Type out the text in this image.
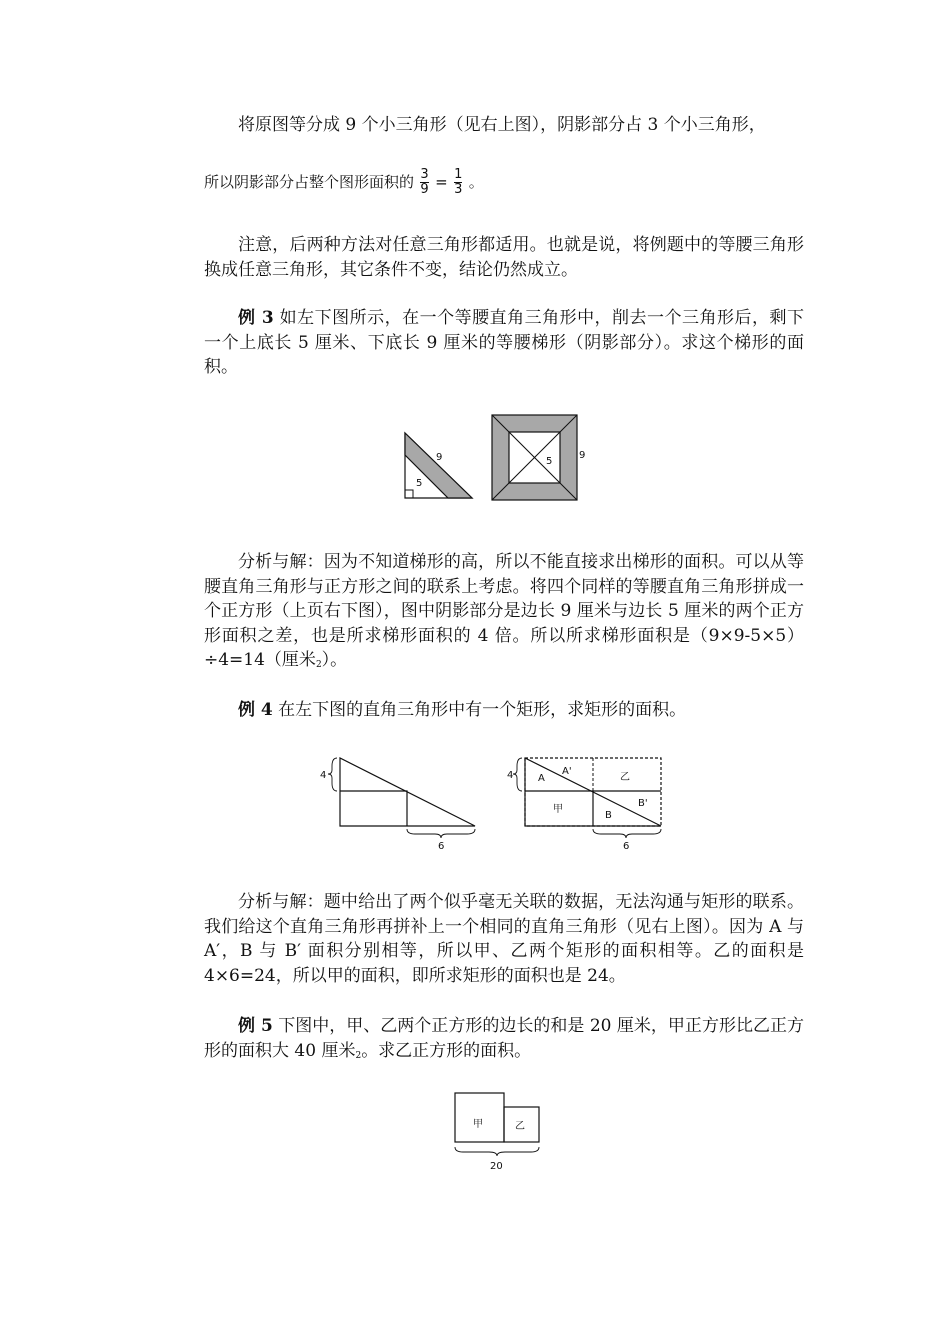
将原图等分成 9 个小三角形（见右上图），阴影部分占 3 个小三角形，
所以阴影部分占整个图形面积的 $\frac{3}{9} = \frac{1}{3}$ 。
注意，后两种方法对任意三角形都适用。也就是说，将例题中的等腰三角形换成任意三角形，其它条件不变，结论仍然成立。
例 3 如左下图所示，在一个等腰直角三角形中，削去一个三角形后，剩下一个上底长 5 厘米、下底长 9 厘米的等腰梯形（阴影部分）。求这个梯形的面积。
9
5
5
9
分析与解：因为不知道梯形的高，所以不能直接求出梯形的面积。可以从等腰直角三角形与正方形之间的联系上考虑。将四个同样的等腰直角三角形拼成一个正方形（上页右下图），图中阴影部分是边长 9 厘米与边长 5 厘米的两个正方形面积之差，也是所求梯形面积的 4 倍。所以所求梯形面积是（9×9-5×5）÷4=14（厘米$_2$）。
例 4 在左下图的直角三角形中有一个矩形，求矩形的面积。
4
6
4 A
A'
乙
甲
B'
B
6
分析与解：题中给出了两个似乎毫无关联的数据，无法沟通与矩形的联系。我们给这个直角三角形再拼补上一个相同的直角三角形（见右上图）。因为 A 与 A′，B 与 B′ 面积分别相等，所以甲、乙两个矩形的面积相等。乙的面积是 4×6=24，所以甲的面积，即所求矩形的面积也是 24。
例 5 下图中，甲、乙两个正方形的边长的和是 20 厘米，甲正方形比乙正方形的面积大 40 厘米$_2$。求乙正方形的面积。
甲	乙
20
